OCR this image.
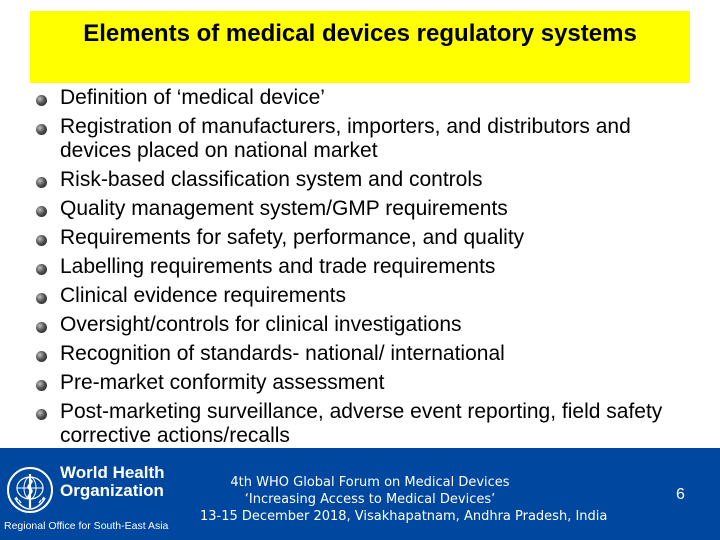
Elements of medical devices regulatory systems
Definition of ‘medical device’
Registration of manufacturers, importers, and distributors and devices placed on national market
Risk-based classification system and controls
Quality management system/GMP requirements
Requirements for safety, performance, and quality
Labelling requirements and trade requirements
Clinical evidence requirements
Oversight/controls for clinical investigations
Recognition of standards- national/ international
Pre-market conformity assessment
Post-marketing surveillance, adverse event reporting, field safety corrective actions/recalls
World Health
Organization
Regional Office for South-East Asia
4th WHO Global Forum on Medical Devices
‘Increasing Access to Medical Devices’
13-15 December 2018, Visakhapatnam, Andhra Pradesh, India
6
